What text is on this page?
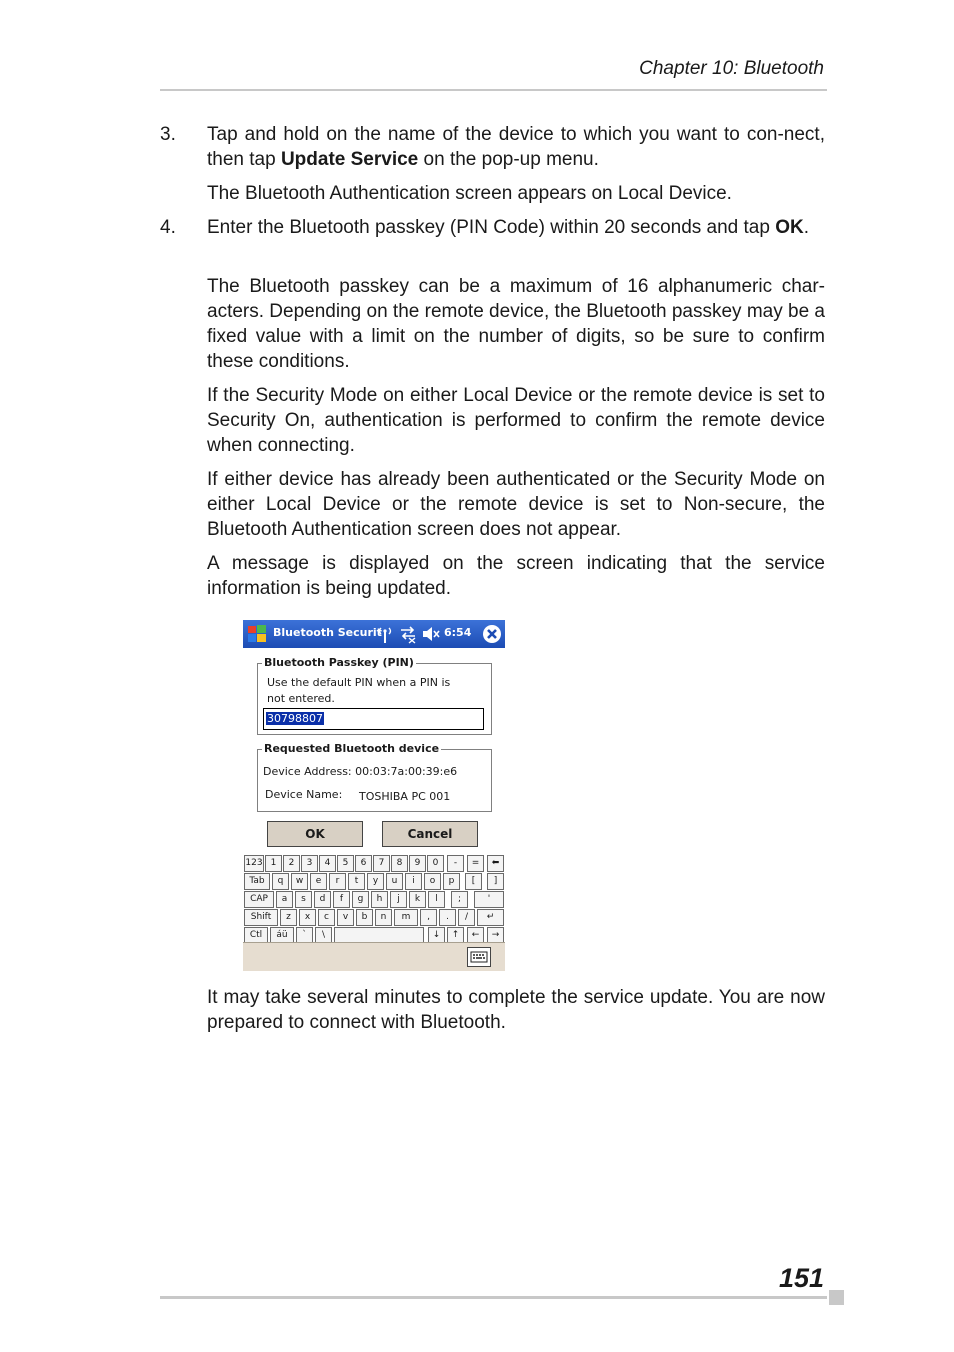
Chapter 10: Bluetooth
3. Tap and hold on the name of the device to which you want to con-nect, then tap Update Service on the pop-up menu.
The Bluetooth Authentication screen appears on Local Device.
4. Enter the Bluetooth passkey (PIN Code) within 20 seconds and tap OK.
The Bluetooth passkey can be a maximum of 16 alphanumeric char-acters. Depending on the remote device, the Bluetooth passkey may be a fixed value with a limit on the number of digits, so be sure to confirm these conditions.
If the Security Mode on either Local Device or the remote device is set to Security On, authentication is performed to confirm the remote device when connecting.
If either device has already been authenticated or the Security Mode on either Local Device or the remote device is set to Non-secure, the Bluetooth Authentication screen does not appear.
A message is displayed on the screen indicating that the service information is being updated.
Bluetooth Securit	6:54
Bluetooth Passkey (PIN)
Use the default PIN when a PIN is
not entered.
30798807
Requested Bluetooth device
Device Address: 00:03:7a:00:39:e6
Device Name: TOSHIBA PC 001
OK	Cancel
123 1	2	3	4	5	6	7	8	9	0	-	=	⬅
Tab	q	w	e	r	t	y	u	i	o	p	[	]
CAP	a	s	d	f	g	h	j	k	l	;	'
Shift	z	x	c	v	b	n	m	,	.	/	↵
Ctl	áü	`	\	↓	↑	←	→
It may take several minutes to complete the service update. You are now prepared to connect with Bluetooth.
151
